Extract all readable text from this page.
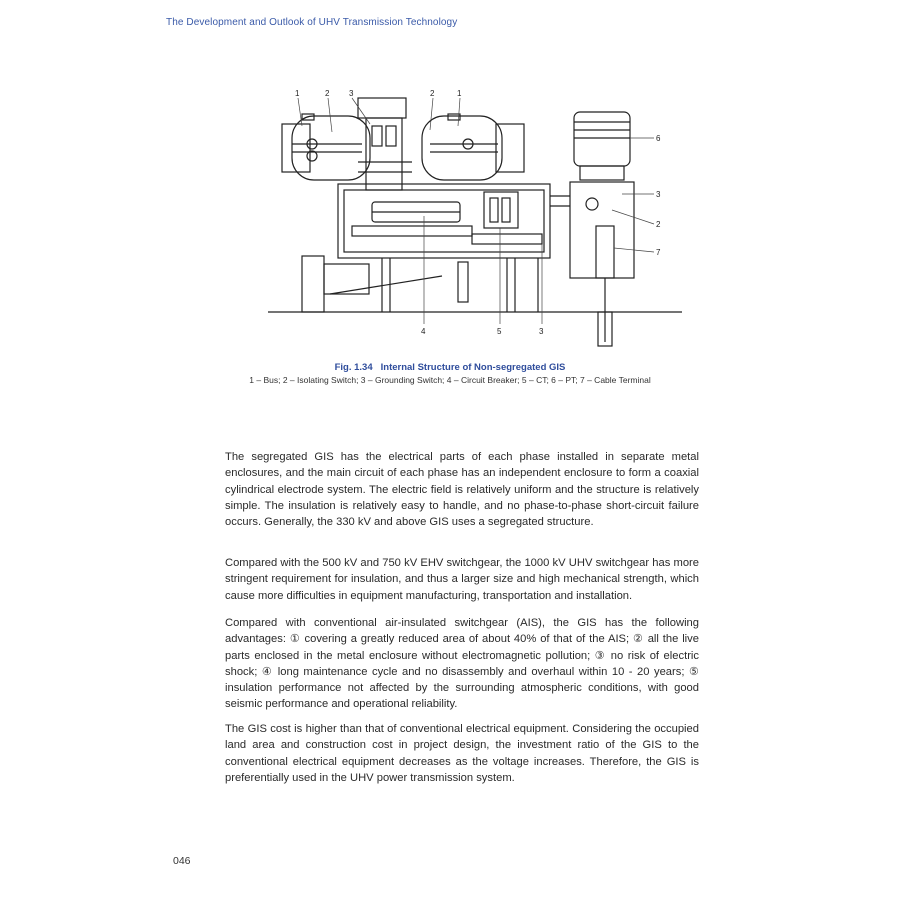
The Development and Outlook of UHV Transmission Technology
1	2 3	2	1
6
3
2
7
4	5	3
Fig. 1.34 Internal Structure of Non-segregated GIS
1 – Bus; 2 – Isolating Switch; 3 – Grounding Switch; 4 – Circuit Breaker; 5 – CT; 6 – PT; 7 – Cable Terminal

The segregated GIS has the electrical parts of each phase installed in separate metal enclosures, and the main circuit of each phase has an independent enclosure to form a coaxial cylindrical electrode system. The electric field is relatively uniform and the structure is relatively simple. The insulation is relatively easy to handle, and no phase-to-phase short-circuit failure occurs. Generally, the 330 kV and above GIS uses a segregated structure.

Compared with the 500 kV and 750 kV EHV switchgear, the 1000 kV UHV switchgear has more stringent requirement for insulation, and thus a larger size and high mechanical strength, which cause more difficulties in equipment manufacturing, transportation and installation.

Compared with conventional air-insulated switchgear (AIS), the GIS has the following advantages: ① covering a greatly reduced area of about 40% of that of the AIS; ② all the live parts enclosed in the metal enclosure without electromagnetic pollution; ③ no risk of electric shock; ④ long maintenance cycle and no disassembly and overhaul within 10 - 20 years; ⑤ insulation performance not affected by the surrounding atmospheric conditions, with good seismic performance and operational reliability.

The GIS cost is higher than that of conventional electrical equipment. Considering the occupied land area and construction cost in project design, the investment ratio of the GIS to the conventional electrical equipment decreases as the voltage increases. Therefore, the GIS is preferentially used in the UHV power transmission system.

046
